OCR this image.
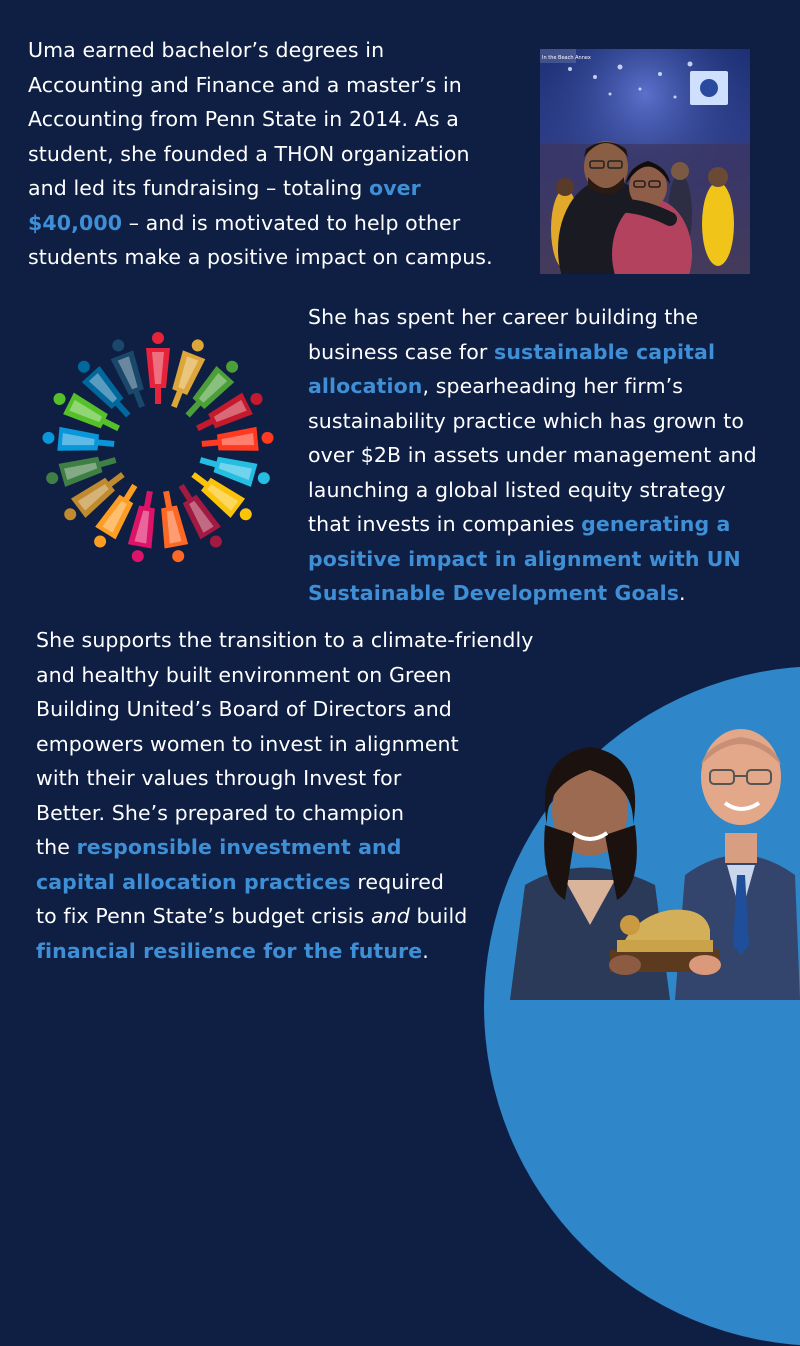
Uma earned bachelor’s degrees in
Accounting and Finance and a master’s in
Accounting from Penn State in 2014. As a
student, she founded a THON organization
and led its fundraising – totaling over
$40,000 – and is motivated to help other
students make a positive impact on campus.

In the Beach Annex

She has spent her career building the
business case for sustainable capital
allocation, spearheading her firm’s
sustainability practice which has grown to
over $2B in assets under management and
launching a global listed equity strategy
that invests in companies generating a
positive impact in alignment with UN
Sustainable Development Goals.

She supports the transition to a climate-friendly
and healthy built environment on Green
Building United’s Board of Directors and
empowers women to invest in alignment
with their values through Invest for
Better. She’s prepared to champion
the responsible investment and
capital allocation practices required
to fix Penn State’s budget crisis and build
financial resilience for the future.
